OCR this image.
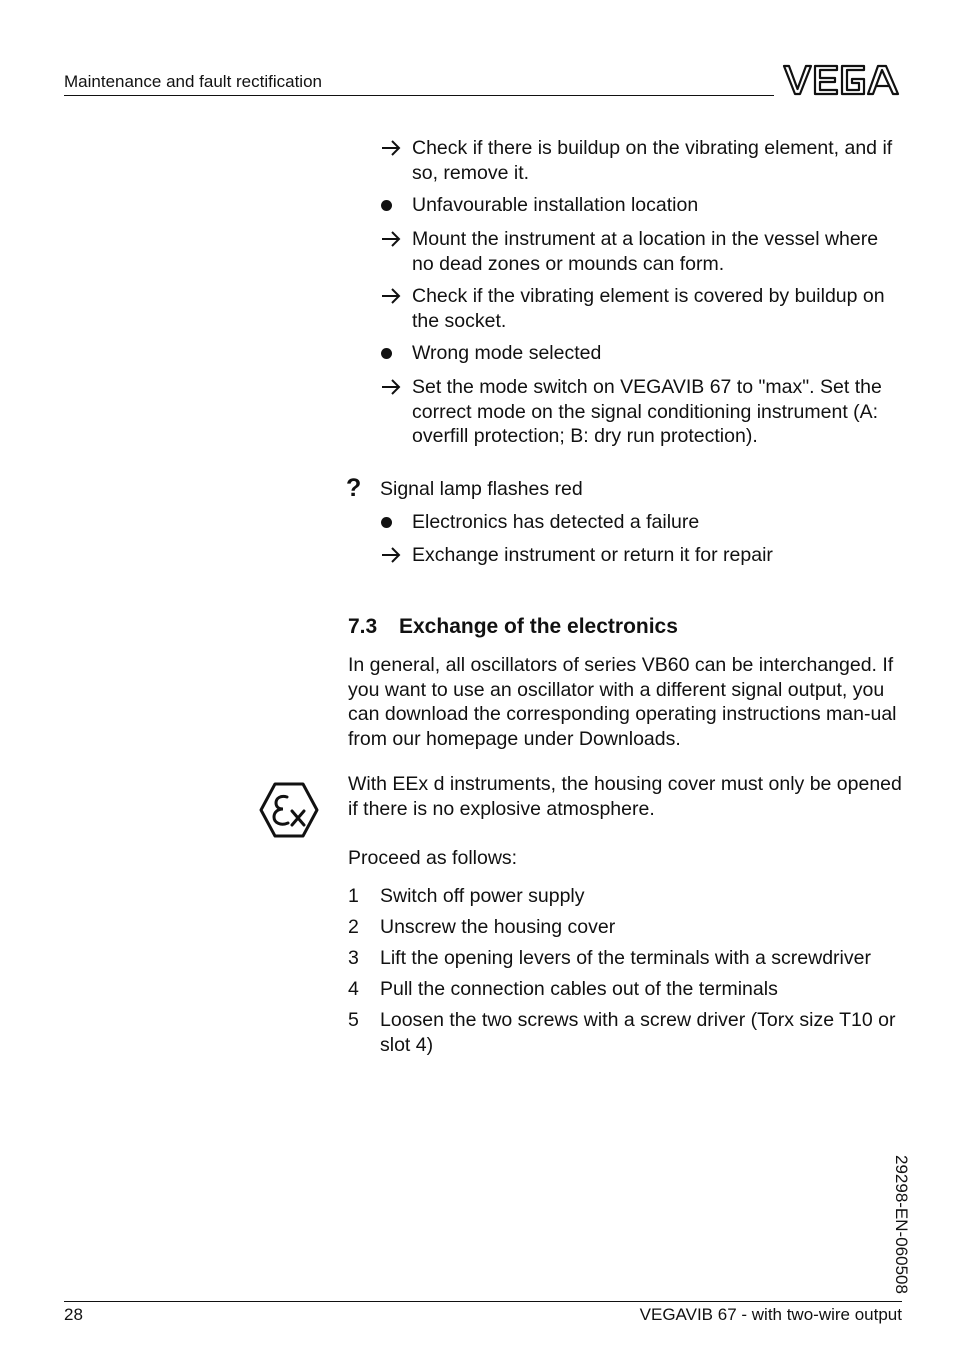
Maintenance and fault rectification
Check if there is buildup on the vibrating element, and if so, remove it.
Unfavourable installation location
Mount the instrument at a location in the vessel where no dead zones or mounds can form.
Check if the vibrating element is covered by buildup on the socket.
Wrong mode selected
Set the mode switch on VEGAVIB 67 to "max". Set the correct mode on the signal conditioning instrument (A: overfill protection; B: dry run protection).
? Signal lamp flashes red
Electronics has detected a failure
Exchange instrument or return it for repair
7.3 Exchange of the electronics
In general, all oscillators of series VB60 can be interchanged. If you want to use an oscillator with a different signal output, you can download the corresponding operating instructions man-ual from our homepage under Downloads.
With EEx d instruments, the housing cover must only be opened if there is no explosive atmosphere.
Proceed as follows:
1	Switch off power supply
2	Unscrew the housing cover
3	Lift the opening levers of the terminals with a screwdriver
4	Pull the connection cables out of the terminals
5	Loosen the two screws with a screw driver (Torx size T10 or slot 4)
29298-EN-060508
28	VEGAVIB 67 - with two-wire output
